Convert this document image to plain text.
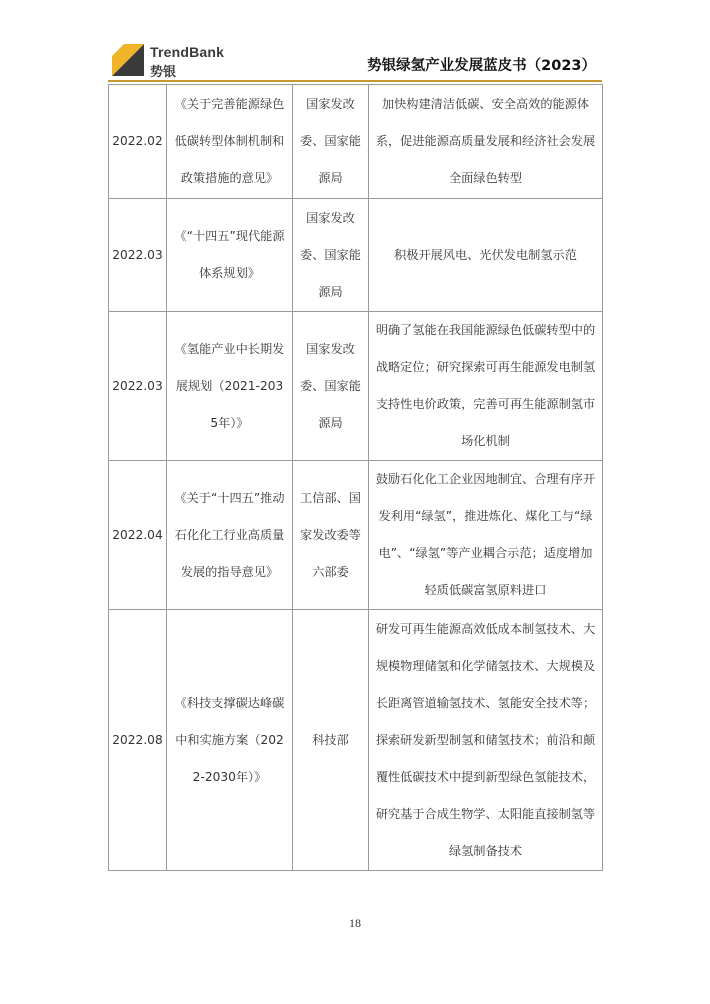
TrendBank
势银	势银绿氢产业发展蓝皮书（2023）
2022.02	《关于完善能源绿色低碳转型体制机制和政策措施的意见》	国家发改委、国家能源局	加快构建清洁低碳、安全高效的能源体系，促进能源高质量发展和经济社会发展全面绿色转型
2022.03	《“十四五”现代能源体系规划》	国家发改委、国家能源局	积极开展风电、光伏发电制氢示范
2022.03	《氢能产业中长期发展规划（2021-2035年）》	国家发改委、国家能源局	明确了氢能在我国能源绿色低碳转型中的战略定位；研究探索可再生能源发电制氢支持性电价政策，完善可再生能源制氢市场化机制
2022.04	《关于“十四五”推动石化化工行业高质量发展的指导意见》	工信部、国家发改委等六部委	鼓励石化化工企业因地制宜、合理有序开发利用“绿氢”，推进炼化、煤化工与“绿电”、“绿氢”等产业耦合示范；适度增加轻质低碳富氢原料进口
2022.08	《科技支撑碳达峰碳中和实施方案（2022-2030年）》	科技部	研发可再生能源高效低成本制氢技术、大规模物理储氢和化学储氢技术、大规模及长距离管道输氢技术、氢能安全技术等；探索研发新型制氢和储氢技术；前沿和颠覆性低碳技术中提到新型绿色氢能技术，研究基于合成生物学、太阳能直接制氢等绿氢制备技术
18
